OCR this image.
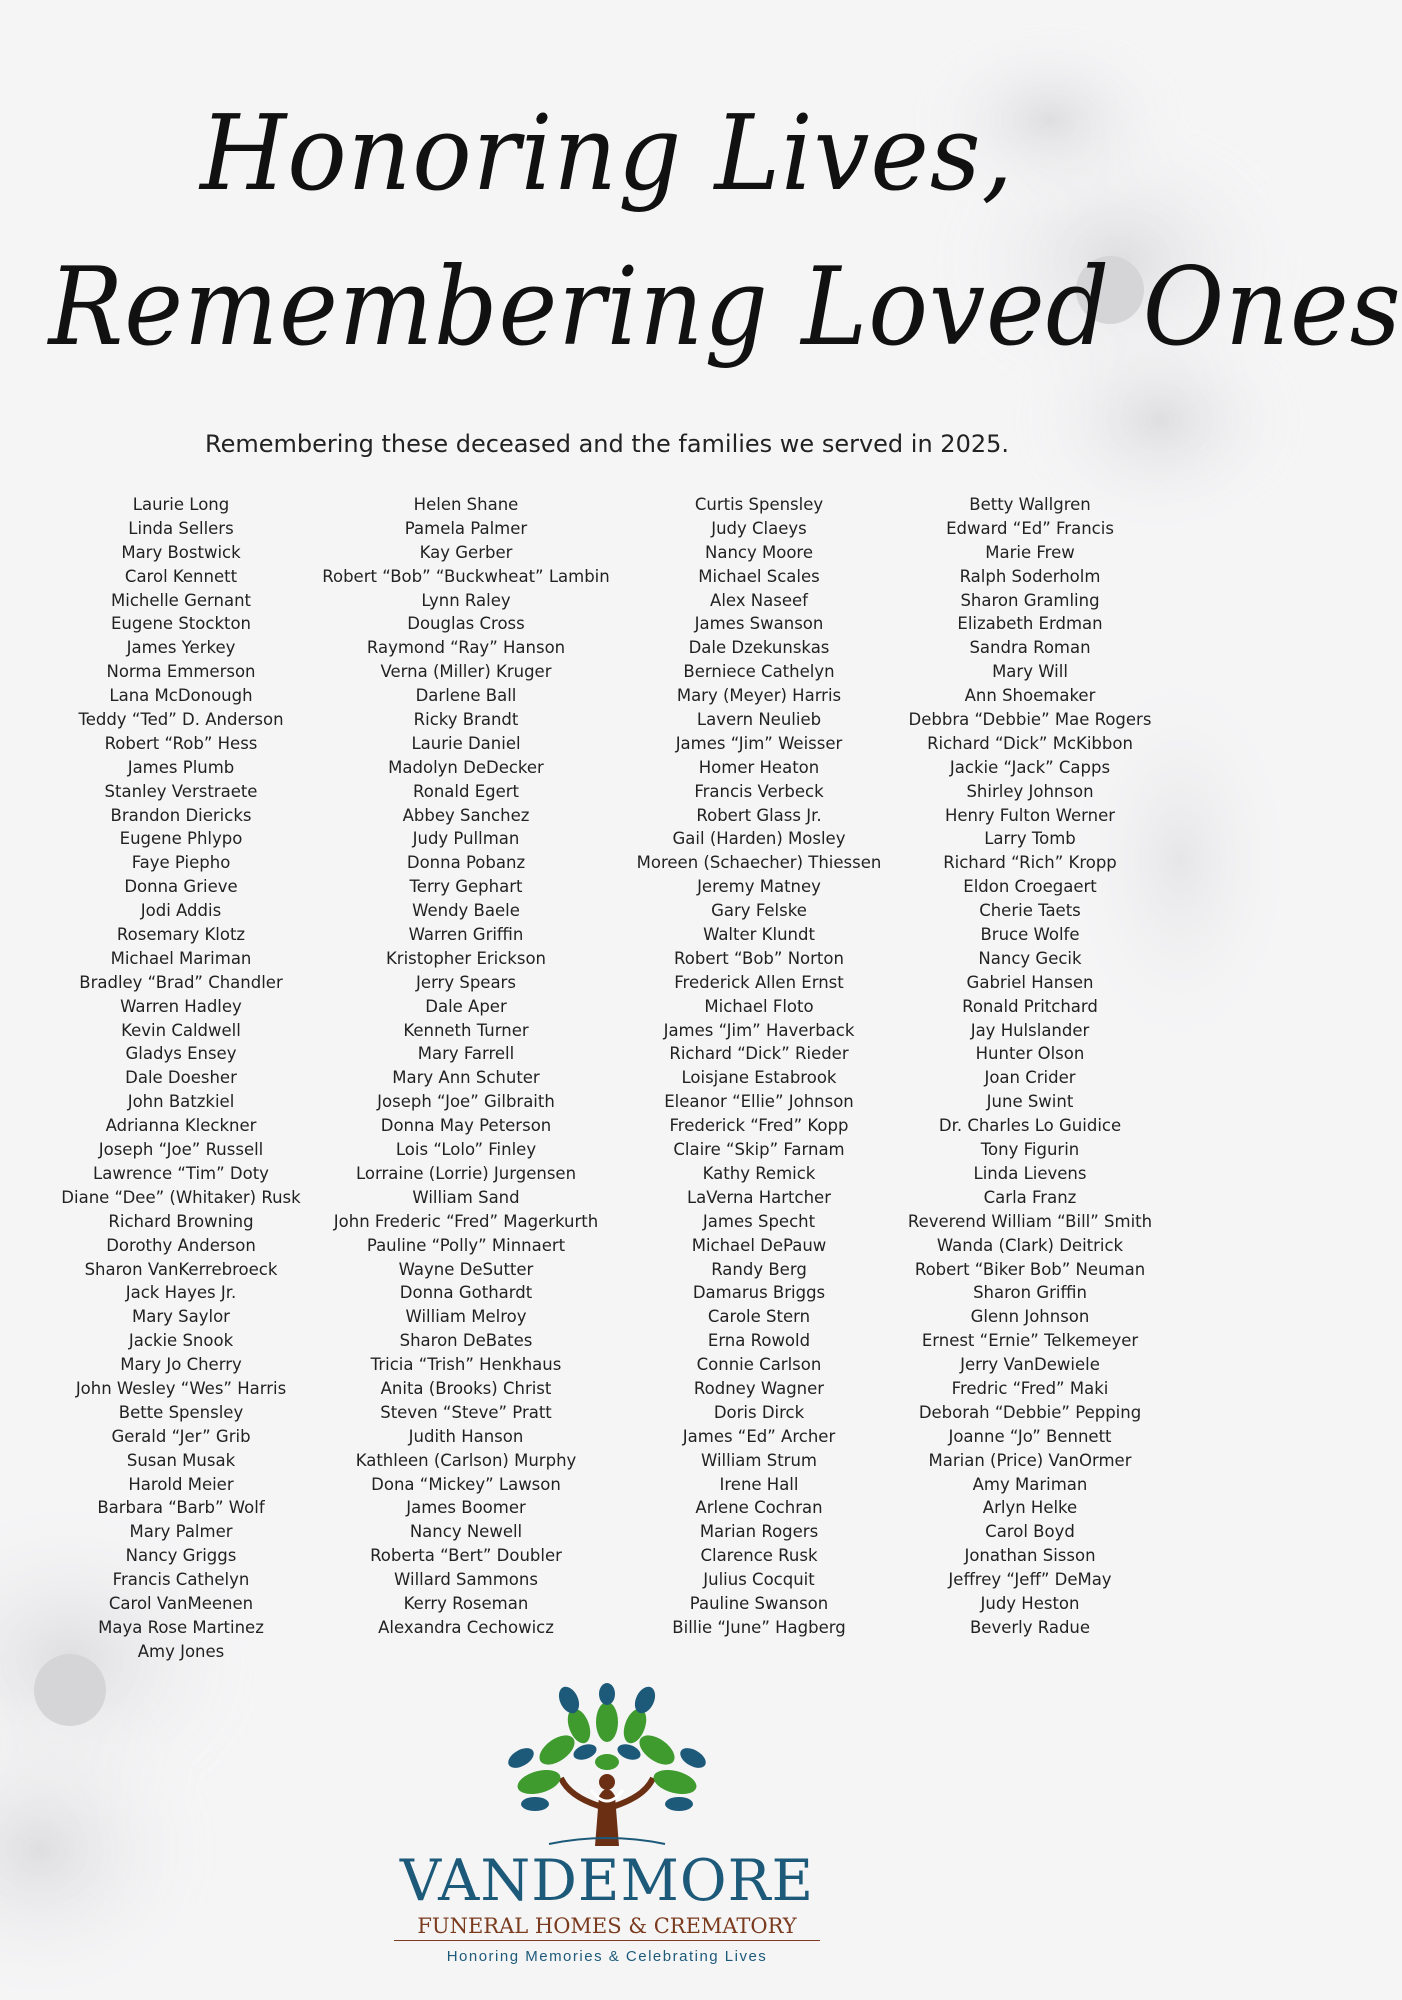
Honoring Lives,
Remembering Loved Ones
Remembering these deceased and the families we served in 2025.
Laurie Long
Linda Sellers
Mary Bostwick
Carol Kennett
Michelle Gernant
Eugene Stockton
James Yerkey
Norma Emmerson
Lana McDonough
Teddy “Ted” D. Anderson
Robert “Rob” Hess
James Plumb
Stanley Verstraete
Brandon Diericks
Eugene Phlypo
Faye Piepho
Donna Grieve
Jodi Addis
Rosemary Klotz
Michael Mariman
Bradley “Brad” Chandler
Warren Hadley
Kevin Caldwell
Gladys Ensey
Dale Doesher
John Batzkiel
Adrianna Kleckner
Joseph “Joe” Russell
Lawrence “Tim” Doty
Diane “Dee” (Whitaker) Rusk
Richard Browning
Dorothy Anderson
Sharon VanKerrebroeck
Jack Hayes Jr.
Mary Saylor
Jackie Snook
Mary Jo Cherry
John Wesley “Wes” Harris
Bette Spensley
Gerald “Jer” Grib
Susan Musak
Harold Meier
Barbara “Barb” Wolf
Mary Palmer
Nancy Griggs
Francis Cathelyn
Carol VanMeenen
Maya Rose Martinez
Amy Jones
Helen Shane
Pamela Palmer
Kay Gerber
Robert “Bob” “Buckwheat” Lambin
Lynn Raley
Douglas Cross
Raymond “Ray” Hanson
Verna (Miller) Kruger
Darlene Ball
Ricky Brandt
Laurie Daniel
Madolyn DeDecker
Ronald Egert
Abbey Sanchez
Judy Pullman
Donna Pobanz
Terry Gephart
Wendy Baele
Warren Griffin
Kristopher Erickson
Jerry Spears
Dale Aper
Kenneth Turner
Mary Farrell
Mary Ann Schuter
Joseph “Joe” Gilbraith
Donna May Peterson
Lois “Lolo” Finley
Lorraine (Lorrie) Jurgensen
William Sand
John Frederic “Fred” Magerkurth
Pauline “Polly” Minnaert
Wayne DeSutter
Donna Gothardt
William Melroy
Sharon DeBates
Tricia “Trish” Henkhaus
Anita (Brooks) Christ
Steven “Steve” Pratt
Judith Hanson
Kathleen (Carlson) Murphy
Dona “Mickey” Lawson
James Boomer
Nancy Newell
Roberta “Bert” Doubler
Willard Sammons
Kerry Roseman
Alexandra Cechowicz
Curtis Spensley
Judy Claeys
Nancy Moore
Michael Scales
Alex Naseef
James Swanson
Dale Dzekunskas
Berniece Cathelyn
Mary (Meyer) Harris
Lavern Neulieb
James “Jim” Weisser
Homer Heaton
Francis Verbeck
Robert Glass Jr.
Gail (Harden) Mosley
Moreen (Schaecher) Thiessen
Jeremy Matney
Gary Felske
Walter Klundt
Robert “Bob” Norton
Frederick Allen Ernst
Michael Floto
James “Jim” Haverback
Richard “Dick” Rieder
Loisjane Estabrook
Eleanor “Ellie” Johnson
Frederick “Fred” Kopp
Claire “Skip” Farnam
Kathy Remick
LaVerna Hartcher
James Specht
Michael DePauw
Randy Berg
Damarus Briggs
Carole Stern
Erna Rowold
Connie Carlson
Rodney Wagner
Doris Dirck
James “Ed” Archer
William Strum
Irene Hall
Arlene Cochran
Marian Rogers
Clarence Rusk
Julius Cocquit
Pauline Swanson
Billie “June” Hagberg
Betty Wallgren
Edward “Ed” Francis
Marie Frew
Ralph Soderholm
Sharon Gramling
Elizabeth Erdman
Sandra Roman
Mary Will
Ann Shoemaker
Debbra “Debbie” Mae Rogers
Richard “Dick” McKibbon
Jackie “Jack” Capps
Shirley Johnson
Henry Fulton Werner
Larry Tomb
Richard “Rich” Kropp
Eldon Croegaert
Cherie Taets
Bruce Wolfe
Nancy Gecik
Gabriel Hansen
Ronald Pritchard
Jay Hulslander
Hunter Olson
Joan Crider
June Swint
Dr. Charles Lo Guidice
Tony Figurin
Linda Lievens
Carla Franz
Reverend William “Bill” Smith
Wanda (Clark) Deitrick
Robert “Biker Bob” Neuman
Sharon Griffin
Glenn Johnson
Ernest “Ernie” Telkemeyer
Jerry VanDewiele
Fredric “Fred” Maki
Deborah “Debbie” Pepping
Joanne “Jo” Bennett
Marian (Price) VanOrmer
Amy Mariman
Arlyn Helke
Carol Boyd
Jonathan Sisson
Jeffrey “Jeff” DeMay
Judy Heston
Beverly Radue
VANDEMORE
FUNERAL HOMES & CREMATORY
Honoring Memories & Celebrating Lives
